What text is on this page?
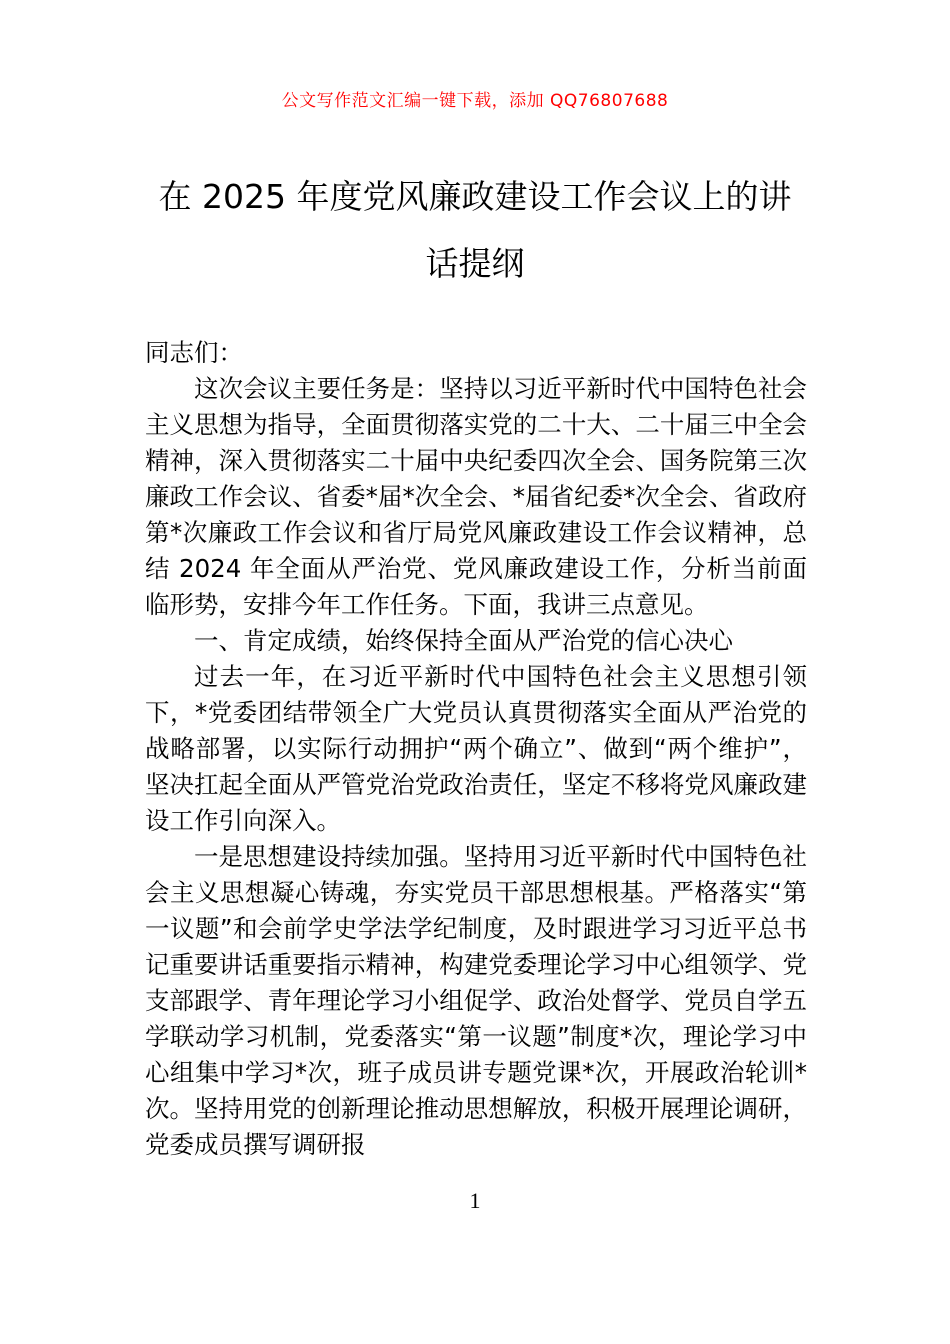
公文写作范文汇编一键下载，添加 QQ76807688
在 2025 年度党风廉政建设工作会议上的讲话提纲

同志们：

这次会议主要任务是：坚持以习近平新时代中国特色社会主义思想为指导，全面贯彻落实党的二十大、二十届三中全会精神，深入贯彻落实二十届中央纪委四次全会、国务院第三次廉政工作会议、省委*届*次全会、*届省纪委*次全会、省政府第*次廉政工作会议和省厅局党风廉政建设工作会议精神，总结 2024 年全面从严治党、党风廉政建设工作，分析当前面临形势，安排今年工作任务。下面，我讲三点意见。

一、肯定成绩，始终保持全面从严治党的信心决心

过去一年，在习近平新时代中国特色社会主义思想引领下，*党委团结带领全广大党员认真贯彻落实全面从严治党的战略部署，以实际行动拥护“两个确立”、做到“两个维护”，坚决扛起全面从严管党治党政治责任，坚定不移将党风廉政建设工作引向深入。

一是思想建设持续加强。坚持用习近平新时代中国特色社会主义思想凝心铸魂，夯实党员干部思想根基。严格落实“第一议题”和会前学史学法学纪制度，及时跟进学习习近平总书记重要讲话重要指示精神，构建党委理论学习中心组领学、党支部跟学、青年理论学习小组促学、政治处督学、党员自学五学联动学习机制，党委落实“第一议题”制度*次，理论学习中心组集中学习*次，班子成员讲专题党课*次，开展政治轮训*次。坚持用党的创新理论推动思想解放，积极开展理论调研，党委成员撰写调研报

1
